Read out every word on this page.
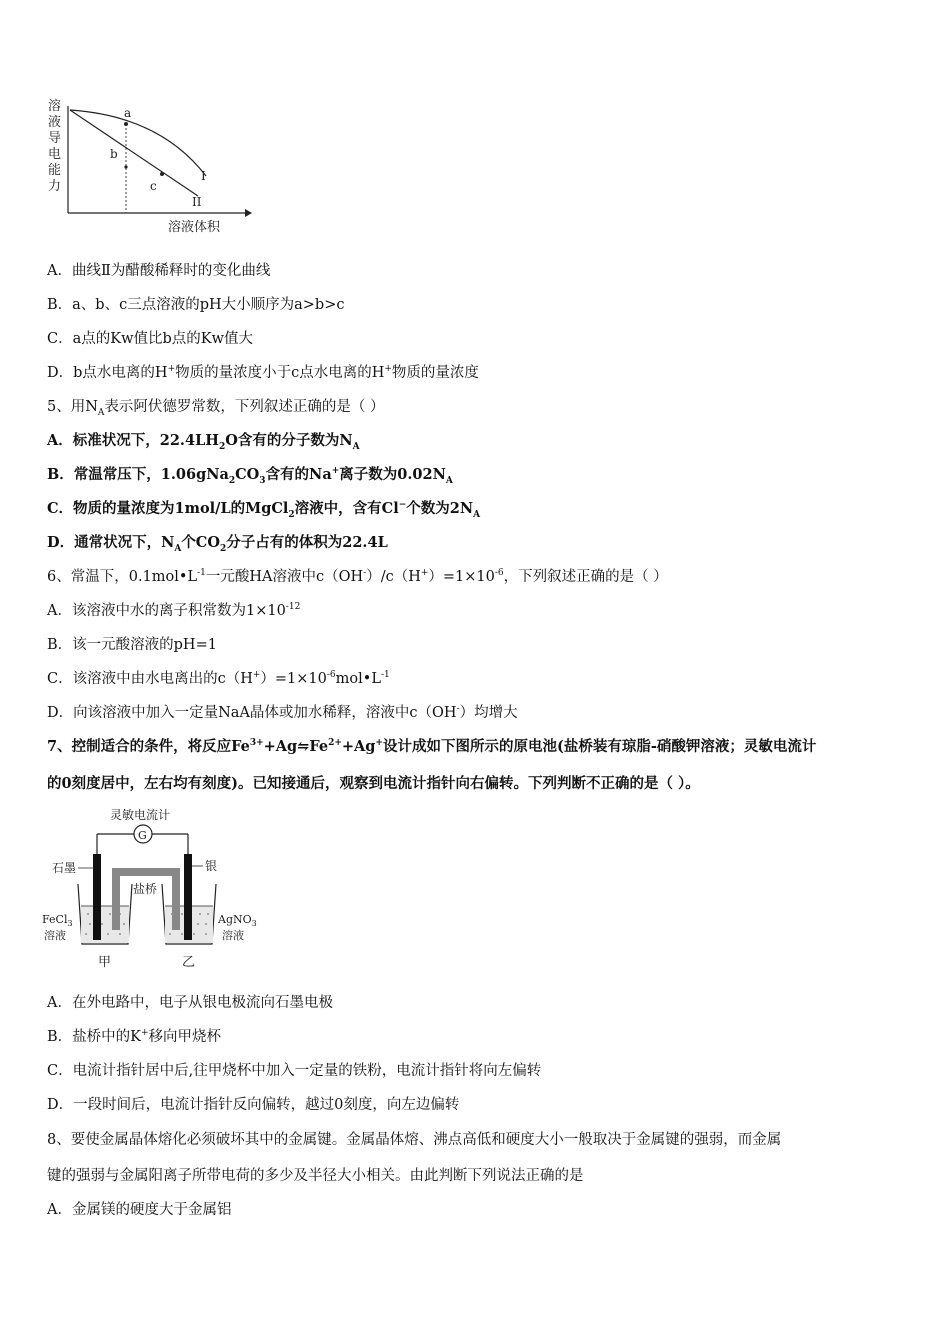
溶
液
导
电
能
力
溶液体积
a
b
c
I
II
A．曲线Ⅱ为醋酸稀释时的变化曲线
B．a、b、c三点溶液的pH大小顺序为a>b>c
C．a点的Kw值比b点的Kw值大
D．b点水电离的H+物质的量浓度小于c点水电离的H+物质的量浓度
5、用$N_A$表示阿伏德罗常数，下列叙述正确的是（ ）
A．标准状况下，$22.4LH_2O$含有的分子数为$N_A$
B．常温常压下，$1.06gNa_2CO_3$含有的Na+离子数为$0.02N_A$
C．物质的量浓度为1mol/L的MgCl$_2$溶液中，含有Cl−个数为$2N_A$
D．通常状况下，$N_A$个$CO_2$分子占有的体积为22.4L
6、常温下，$0.1mol•L^{-1}$一元酸HA溶液中$c(OH^-)/c(H^+)=1\times 10^{-6}$，下列叙述正确的是（ ）
A．该溶液中水的离子积常数为$1\times 10^{-12}$
B．该一元酸溶液的pH=1
C．该溶液中由水电离出的$c(H^+)=1\times 10^{-6}mol•L^{-1}$
D．向该溶液中加入一定量NaA晶体或加水稀释，溶液中c（OH-）均增大
7、控制适合的条件，将反应$Fe^{3+}+Ag⇋Fe^{2+}+Ag^+$设计成如下图所示的原电池(盐桥装有琼脂-硝酸钾溶液；灵敏电流计
的0刻度居中，左右均有刻度)。已知接通后，观察到电流计指针向右偏转。下列判断不正确的是（ ）。
灵敏电流计
G
石墨	银
盐桥
FeCl$_3$
溶液
AgNO$_3$
溶液
甲	乙
A．在外电路中，电子从银电极流向石墨电极
B．盐桥中的K+移向甲烧杯
C．电流计指针居中后,往甲烧杯中加入一定量的铁粉，电流计指针将向左偏转
D．一段时间后，电流计指针反向偏转，越过0刻度，向左边偏转
8、要使金属晶体熔化必须破坏其中的金属键。金属晶体熔、沸点高低和硬度大小一般取决于金属键的强弱，而金属
键的强弱与金属阳离子所带电荷的多少及半径大小相关。由此判断下列说法正确的是
A．金属镁的硬度大于金属铝
